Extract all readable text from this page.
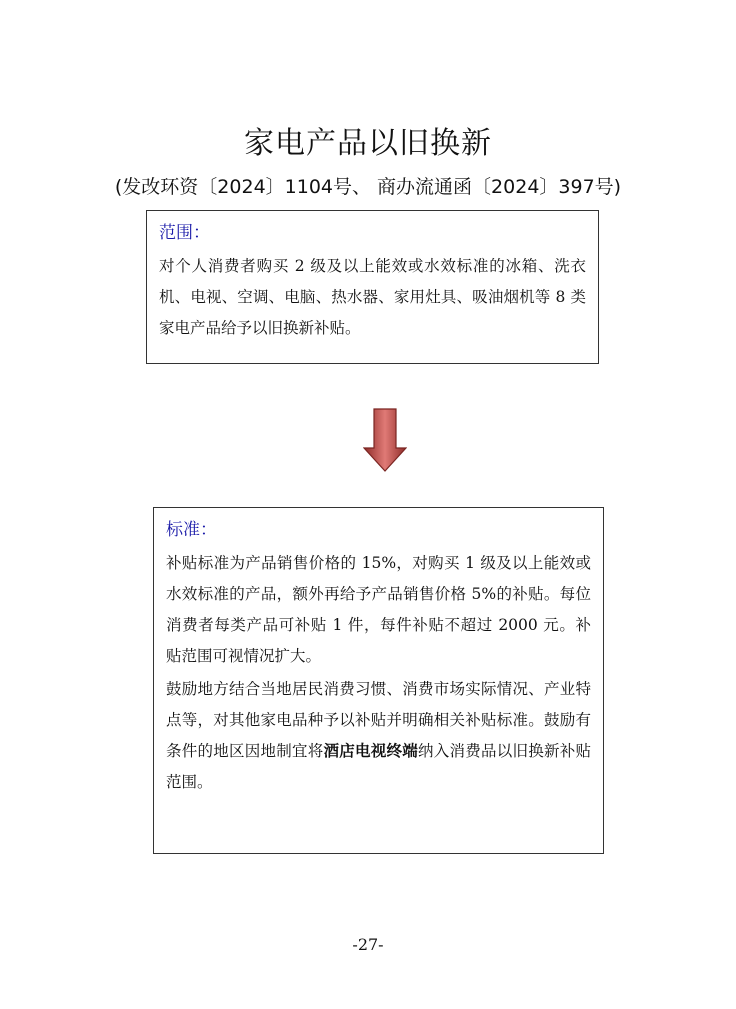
家电产品以旧换新
(发改环资〔2024〕1104号、 商办流通函〔2024〕397号)
范围：

对个人消费者购买 2 级及以上能效或水效标准的冰箱、洗衣机、电视、空调、电脑、热水器、家用灶具、吸油烟机等 8 类家电产品给予以旧换新补贴。

标准：

补贴标准为产品销售价格的 15%，对购买 1 级及以上能效或水效标准的产品，额外再给予产品销售价格 5%的补贴。每位消费者每类产品可补贴 1 件，每件补贴不超过 2000 元。补贴范围可视情况扩大。

鼓励地方结合当地居民消费习惯、消费市场实际情况、产业特点等，对其他家电品种予以补贴并明确相关补贴标准。鼓励有条件的地区因地制宜将酒店电视终端纳入消费品以旧换新补贴范围。

-27-
